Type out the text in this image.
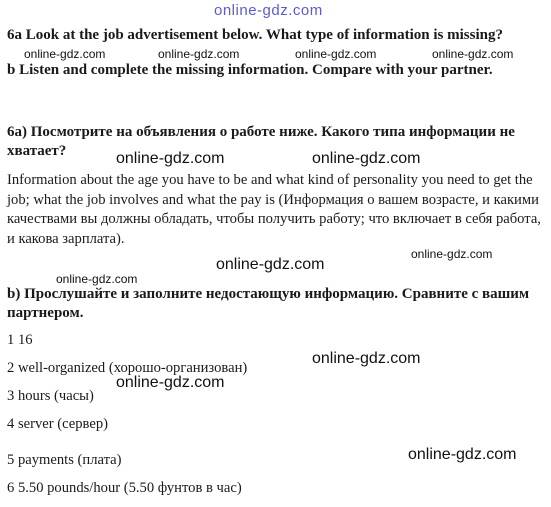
online-gdz.com
6a Look at the job advertisement below. What type of information is missing?
online-gdz.com	online-gdz.com	online-gdz.com	online-gdz.com
b Listen and complete the missing information. Compare with your partner.
6а) Посмотрите на объявления о работе ниже. Какого типа информации не хватает?	online-gdz.com	online-gdz.com
Information about the age you have to be and what kind of personality you need to get the job; what the job involves and what the pay is (Информация о вашем возрасте, и какими качествами вы должны обладать, чтобы получить работу; что включает в себя работа, и какова зарплата).
online-gdz.com
online-gdz.com
online-gdz.com
b) Прослушайте и заполните недостающую информацию. Сравните с вашим партнером.
1 16
2 well-organized (хорошо-организован)
3 hours (часы)
4 server (сервер)
5 payments (плата)
6 5.50 pounds/hour (5.50 фунтов в час)
online-gdz.com
online-gdz.com
online-gdz.com
